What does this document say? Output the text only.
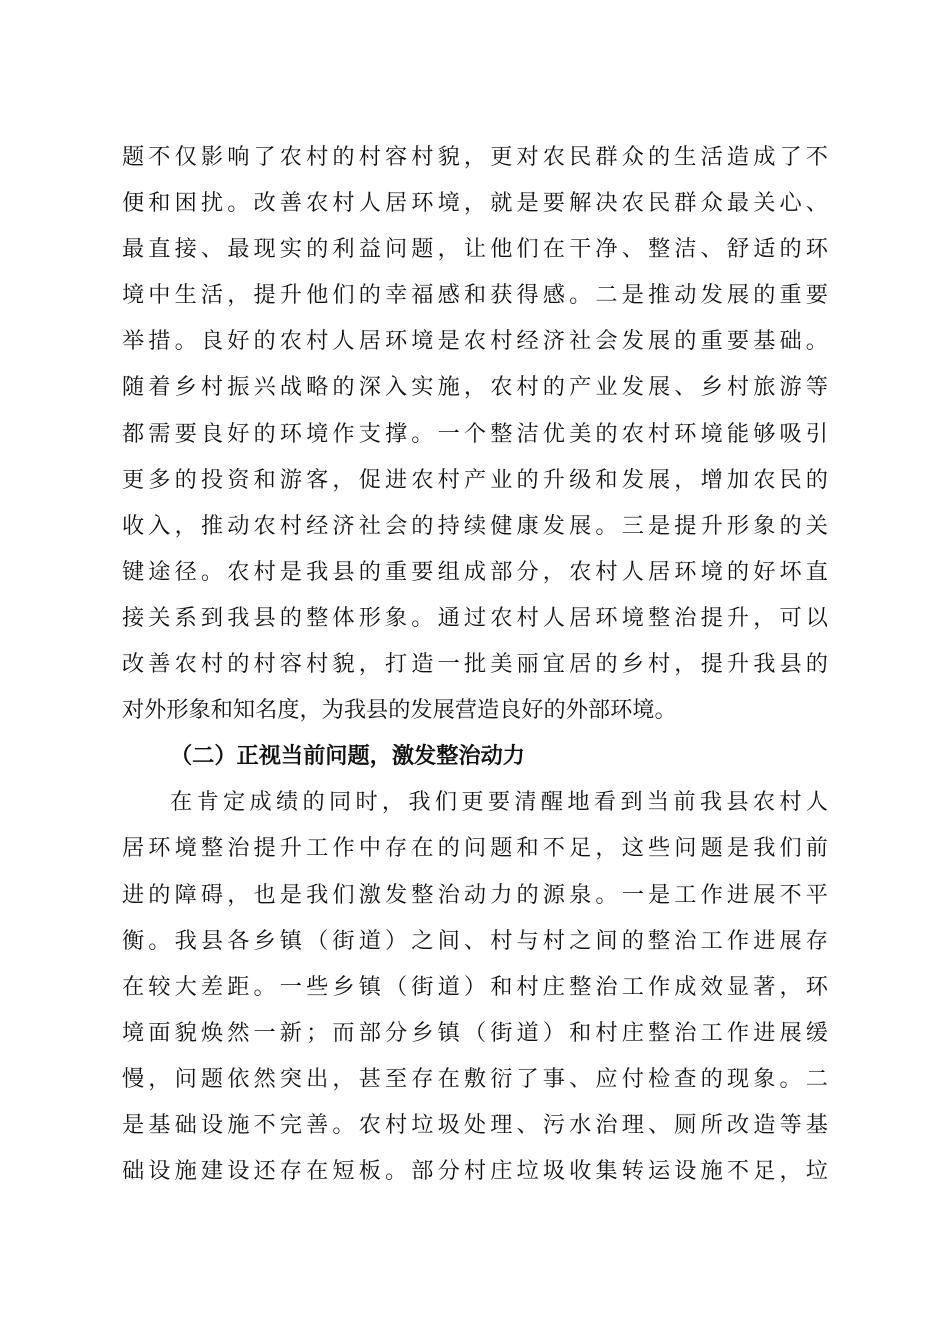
题不仅影响了农村的村容村貌，更对农民群众的生活造成了不
便和困扰。改善农村人居环境，就是要解决农民群众最关心、
最直接、最现实的利益问题，让他们在干净、整洁、舒适的环
境中生活，提升他们的幸福感和获得感。二是推动发展的重要
举措。良好的农村人居环境是农村经济社会发展的重要基础。
随着乡村振兴战略的深入实施，农村的产业发展、乡村旅游等
都需要良好的环境作支撑。一个整洁优美的农村环境能够吸引
更多的投资和游客，促进农村产业的升级和发展，增加农民的
收入，推动农村经济社会的持续健康发展。三是提升形象的关
键途径。农村是我县的重要组成部分，农村人居环境的好坏直
接关系到我县的整体形象。通过农村人居环境整治提升，可以
改善农村的村容村貌，打造一批美丽宜居的乡村，提升我县的
对外形象和知名度，为我县的发展营造良好的外部环境。
（二）正视当前问题，激发整治动力
在肯定成绩的同时，我们更要清醒地看到当前我县农村人
居环境整治提升工作中存在的问题和不足，这些问题是我们前
进的障碍，也是我们激发整治动力的源泉。一是工作进展不平
衡。我县各乡镇（街道）之间、村与村之间的整治工作进展存
在较大差距。一些乡镇（街道）和村庄整治工作成效显著，环
境面貌焕然一新；而部分乡镇（街道）和村庄整治工作进展缓
慢，问题依然突出，甚至存在敷衍了事、应付检查的现象。二
是基础设施不完善。农村垃圾处理、污水治理、厕所改造等基
础设施建设还存在短板。部分村庄垃圾收集转运设施不足，垃
